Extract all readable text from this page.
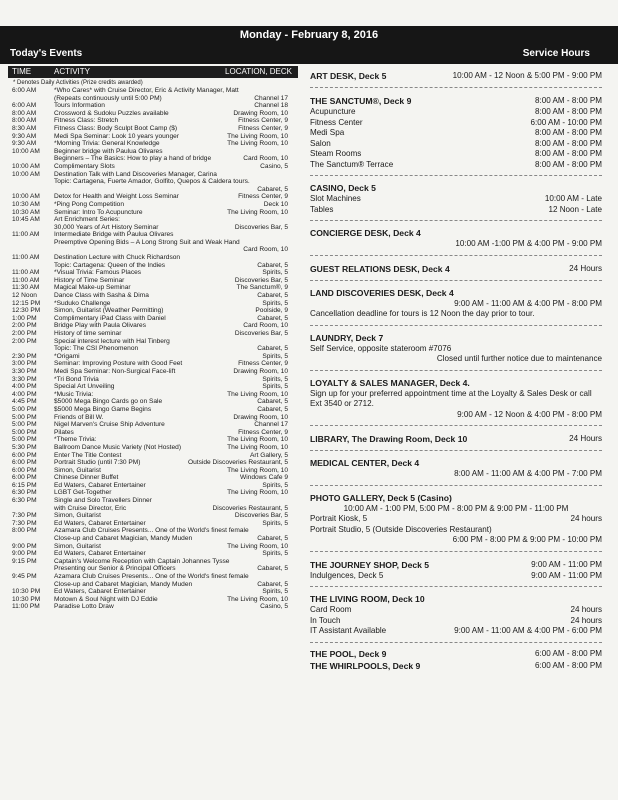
Monday - February 8, 2016
Today's Events	Service Hours
TIME	ACTIVITY	LOCATION, DECK
* Denotes Daily Activities (Prize credits awarded)
6:00 AM	*Who Cares* with Cruise Director, Eric & Activity Manager, Matt
(Repeats continuously until 5:00 PM)	Channel 17
6:00 AM	Tours Information	Channel 18
8:00 AM	Crossword & Sudoku Puzzles available	Drawing Room, 10
8:00 AM	Fitness Class: Stretch	Fitness Center, 9
8:30 AM	Fitness Class: Body Sculpt Boot Camp ($)	Fitness Center, 9
9:30 AM	Medi Spa Seminar: Look 10 years younger	The Living Room, 10
9:30 AM	*Morning Trivia: General Knowledge	The Living Room, 10
10:00 AM Beginner bridge with Paulua Olivares
Beginners – The Basics: How to play a hand of bridge	Card Room, 10
10:00 AM Complimentary Slots	Casino, 5
10:00 AM Destination Talk with Land Discoveries Manager, Carina
Topic: Cartagena, Fuerte Amador, Golfito, Quepos & Caldera tours.
Cabaret, 5
10:00 AM Detox for Health and Weight Loss Seminar	Fitness Center, 9
10:30 AM *Ping Pong Competition	Deck 10
10:30 AM Seminar: Intro To Acupuncture	The Living Room, 10
10:45 AM Art Enrichment Series:
30,000 Years of Art History Seminar	Discoveries Bar, 5
11:00 AM Intermediate Bridge with Paulua Olivares
Preemptive Opening Bids – A Long Strong Suit and Weak Hand
Card Room, 10
11:00 AM Destination Lecture with Chuck Richardson
Topic: Cartagena: Queen of the Indies	Cabaret, 5
11:00 AM *Visual Trivia: Famous Places	Spirits, 5
11:00 AM History of Time Seminar	Discoveries Bar, 5
11:30 AM Magical Make-up Seminar	The Sanctum®, 9
12 Noon	Dance Class with Sasha & Dima	Cabaret, 5
12:15 PM *Suduko Challenge	Spirits, 5
12:30 PM Simon, Guitarist (Weather Permitting)	Poolside, 9
1:00 PM	Complimentary iPad Class with Daniel	Cabaret, 5
2:00 PM	Bridge Play with Paula Olivares	Card Room, 10
2:00 PM	History of time seminar	Discoveries Bar, 5
2:00 PM	Special interest lecture with Hal Tinberg
Topic: The CSI Phenomenon	Cabaret, 5
2:30 PM	*Origami	Spirits, 5
3:00 PM	Seminar: Improving Posture with Good Feet	Fitness Center, 9
3:30 PM	Medi Spa Seminar: Non-Surgical Face-lift	Drawing Room, 10
3:30 PM	*Tri Bond Trivia	Spirits, 5
4:00 PM	Special Art Unveiling	Spirits, 5
4:00 PM	*Music Trivia:	The Living Room, 10
4:45 PM	$5000 Mega Bingo Cards go on Sale	Cabaret, 5
5:00 PM	$5000 Mega Bingo Game Begins	Cabaret, 5
5:00 PM	Friends of Bill W.	Drawing Room, 10
5:00 PM	Nigel Marven's Cruise Ship Adventure	Channel 17
5:00 PM	Pilates	Fitness Center, 9
5:00 PM	*Theme Trivia:	The Living Room, 10
5:30 PM	Ballroom Dance Music Variety (Not Hosted)	The Living Room, 10
6:00 PM	Enter The Title Contest	Art Gallery, 5
6:00 PM	Portrait Studio (until 7:30 PM)	Outside Discoveries Restaurant, 5
6:00 PM	Simon, Guitarist	The Living Room, 10
6:00 PM	Chinese Dinner Buffet	Windows Cafe 9
6:15 PM	Ed Waters, Cabaret Entertainer	Spirits, 5
6:30 PM	LGBT Get-Together	The Living Room, 10
6:30 PM	Single and Solo Travellers Dinner
with Cruise Director, Eric	Discoveries Restaurant, 5
7:30 PM	Simon, Guitarist	Discoveries Bar, 5
7:30 PM	Ed Waters, Cabaret Entertainer	Spirits, 5
8:00 PM	Azamara Club Cruises Presents... One of the World's finest female
Close-up and Cabaret Magician, Mandy Muden	Cabaret, 5
9:00 PM	Simon, Guitarist	The Living Room, 10
9:00 PM	Ed Waters, Cabaret Entertainer	Spirits, 5
9:15 PM	Captain's Welcome Reception with Captain Johannes Tysse
Presenting our Senior & Principal Officers	Cabaret, 5
9:45 PM	Azamara Club Cruises Presents... One of the World's finest female
Close-up and Cabaret Magician, Mandy Muden	Cabaret, 5
10:30 PM Ed Waters, Cabaret Entertainer	Spirits, 5
10:30 PM Motown & Soul Night with DJ Eddie	The Living Room, 10
11:00 PM Paradise Lotto Draw	Casino, 5
ART DESK, Deck 5	10:00 AM - 12 Noon & 5:00 PM - 9:00 PM
THE SANCTUM®, Deck 9	8:00 AM - 8:00 PM
Acupuncture	8:00 AM - 8:00 PM
Fitness Center	6:00 AM - 10:00 PM
Medi Spa	8:00 AM - 8:00 PM
Salon	8:00 AM - 8:00 PM
Steam Rooms	8:00 AM - 8:00 PM
The Sanctum® Terrace	8:00 AM - 8:00 PM
CASINO, Deck 5
Slot Machines	10:00 AM - Late
Tables	12 Noon - Late
CONCIERGE DESK, Deck 4
10:00 AM -1:00 PM & 4:00 PM - 9:00 PM
GUEST RELATIONS DESK, Deck 4	24 Hours
LAND DISCOVERIES DESK, Deck 4
9:00 AM - 11:00 AM & 4:00 PM - 8:00 PM
Cancellation deadline for tours is 12 Noon the day prior to tour.
LAUNDRY, Deck 7
Self Service, opposite stateroom #7076
Closed until further notice due to maintenance
LOYALTY & SALES MANAGER, Deck 4.
Sign up for your preferred appointment time at the Loyalty & Sales Desk or call Ext 3540 or 2712.
9:00 AM - 12 Noon & 4:00 PM - 8:00 PM
LIBRARY, The Drawing Room, Deck 10	24 Hours
MEDICAL CENTER, Deck 4
8:00 AM - 11:00 AM & 4:00 PM - 7:00 PM
PHOTO GALLERY, Deck 5 (Casino)
10:00 AM - 1:00 PM, 5:00 PM - 8:00 PM & 9:00 PM - 11:00 PM
Portrait Kiosk, 5	24 hours
Portrait Studio, 5 (Outside Discoveries Restaurant)
6:00 PM - 8:00 PM & 9:00 PM - 10:00 PM
THE JOURNEY SHOP, Deck 5	9:00 AM - 11:00 PM
Indulgences, Deck 5	9:00 AM - 11:00 PM
THE LIVING ROOM, Deck 10
Card Room	24 hours
In Touch	24 hours
IT Assistant Available	9:00 AM - 11:00 AM & 4:00 PM - 6:00 PM
THE POOL, Deck 9	6:00 AM - 8:00 PM
THE WHIRLPOOLS, Deck 9	6:00 AM - 8:00 PM
